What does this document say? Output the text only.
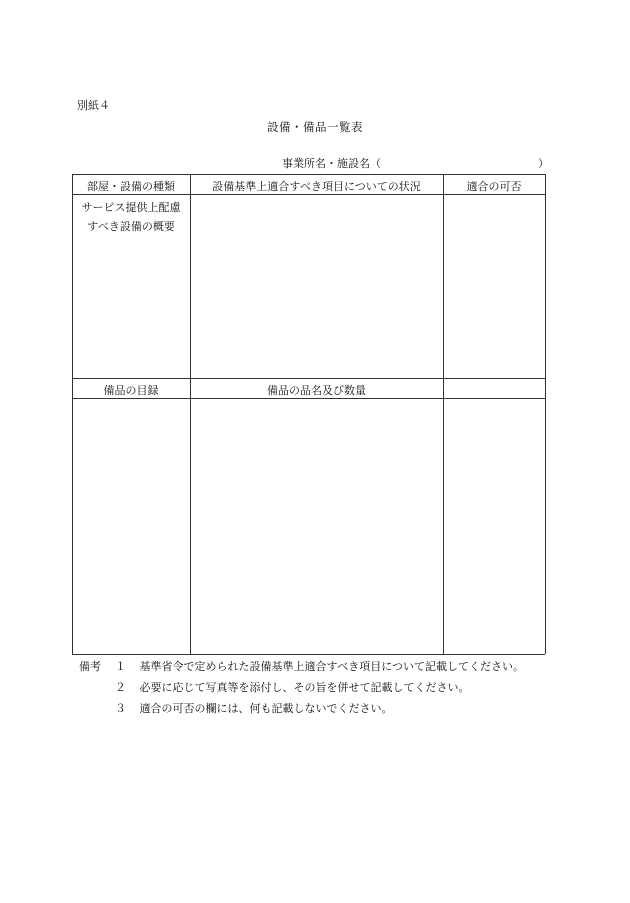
別紙４
設備・備品一覧表
事業所名・施設名（	）
部屋・設備の種類	設備基準上適合すべき項目についての状況	適合の可否
サービス提供上配慮
すべき設備の概要
備品の目録	備品の品名及び数量
備考 １ 基準省令で定められた設備基準上適合すべき項目について記載してください。
２ 必要に応じて写真等を添付し、その旨を併せて記載してください。
３ 適合の可否の欄には、何も記載しないでください。
